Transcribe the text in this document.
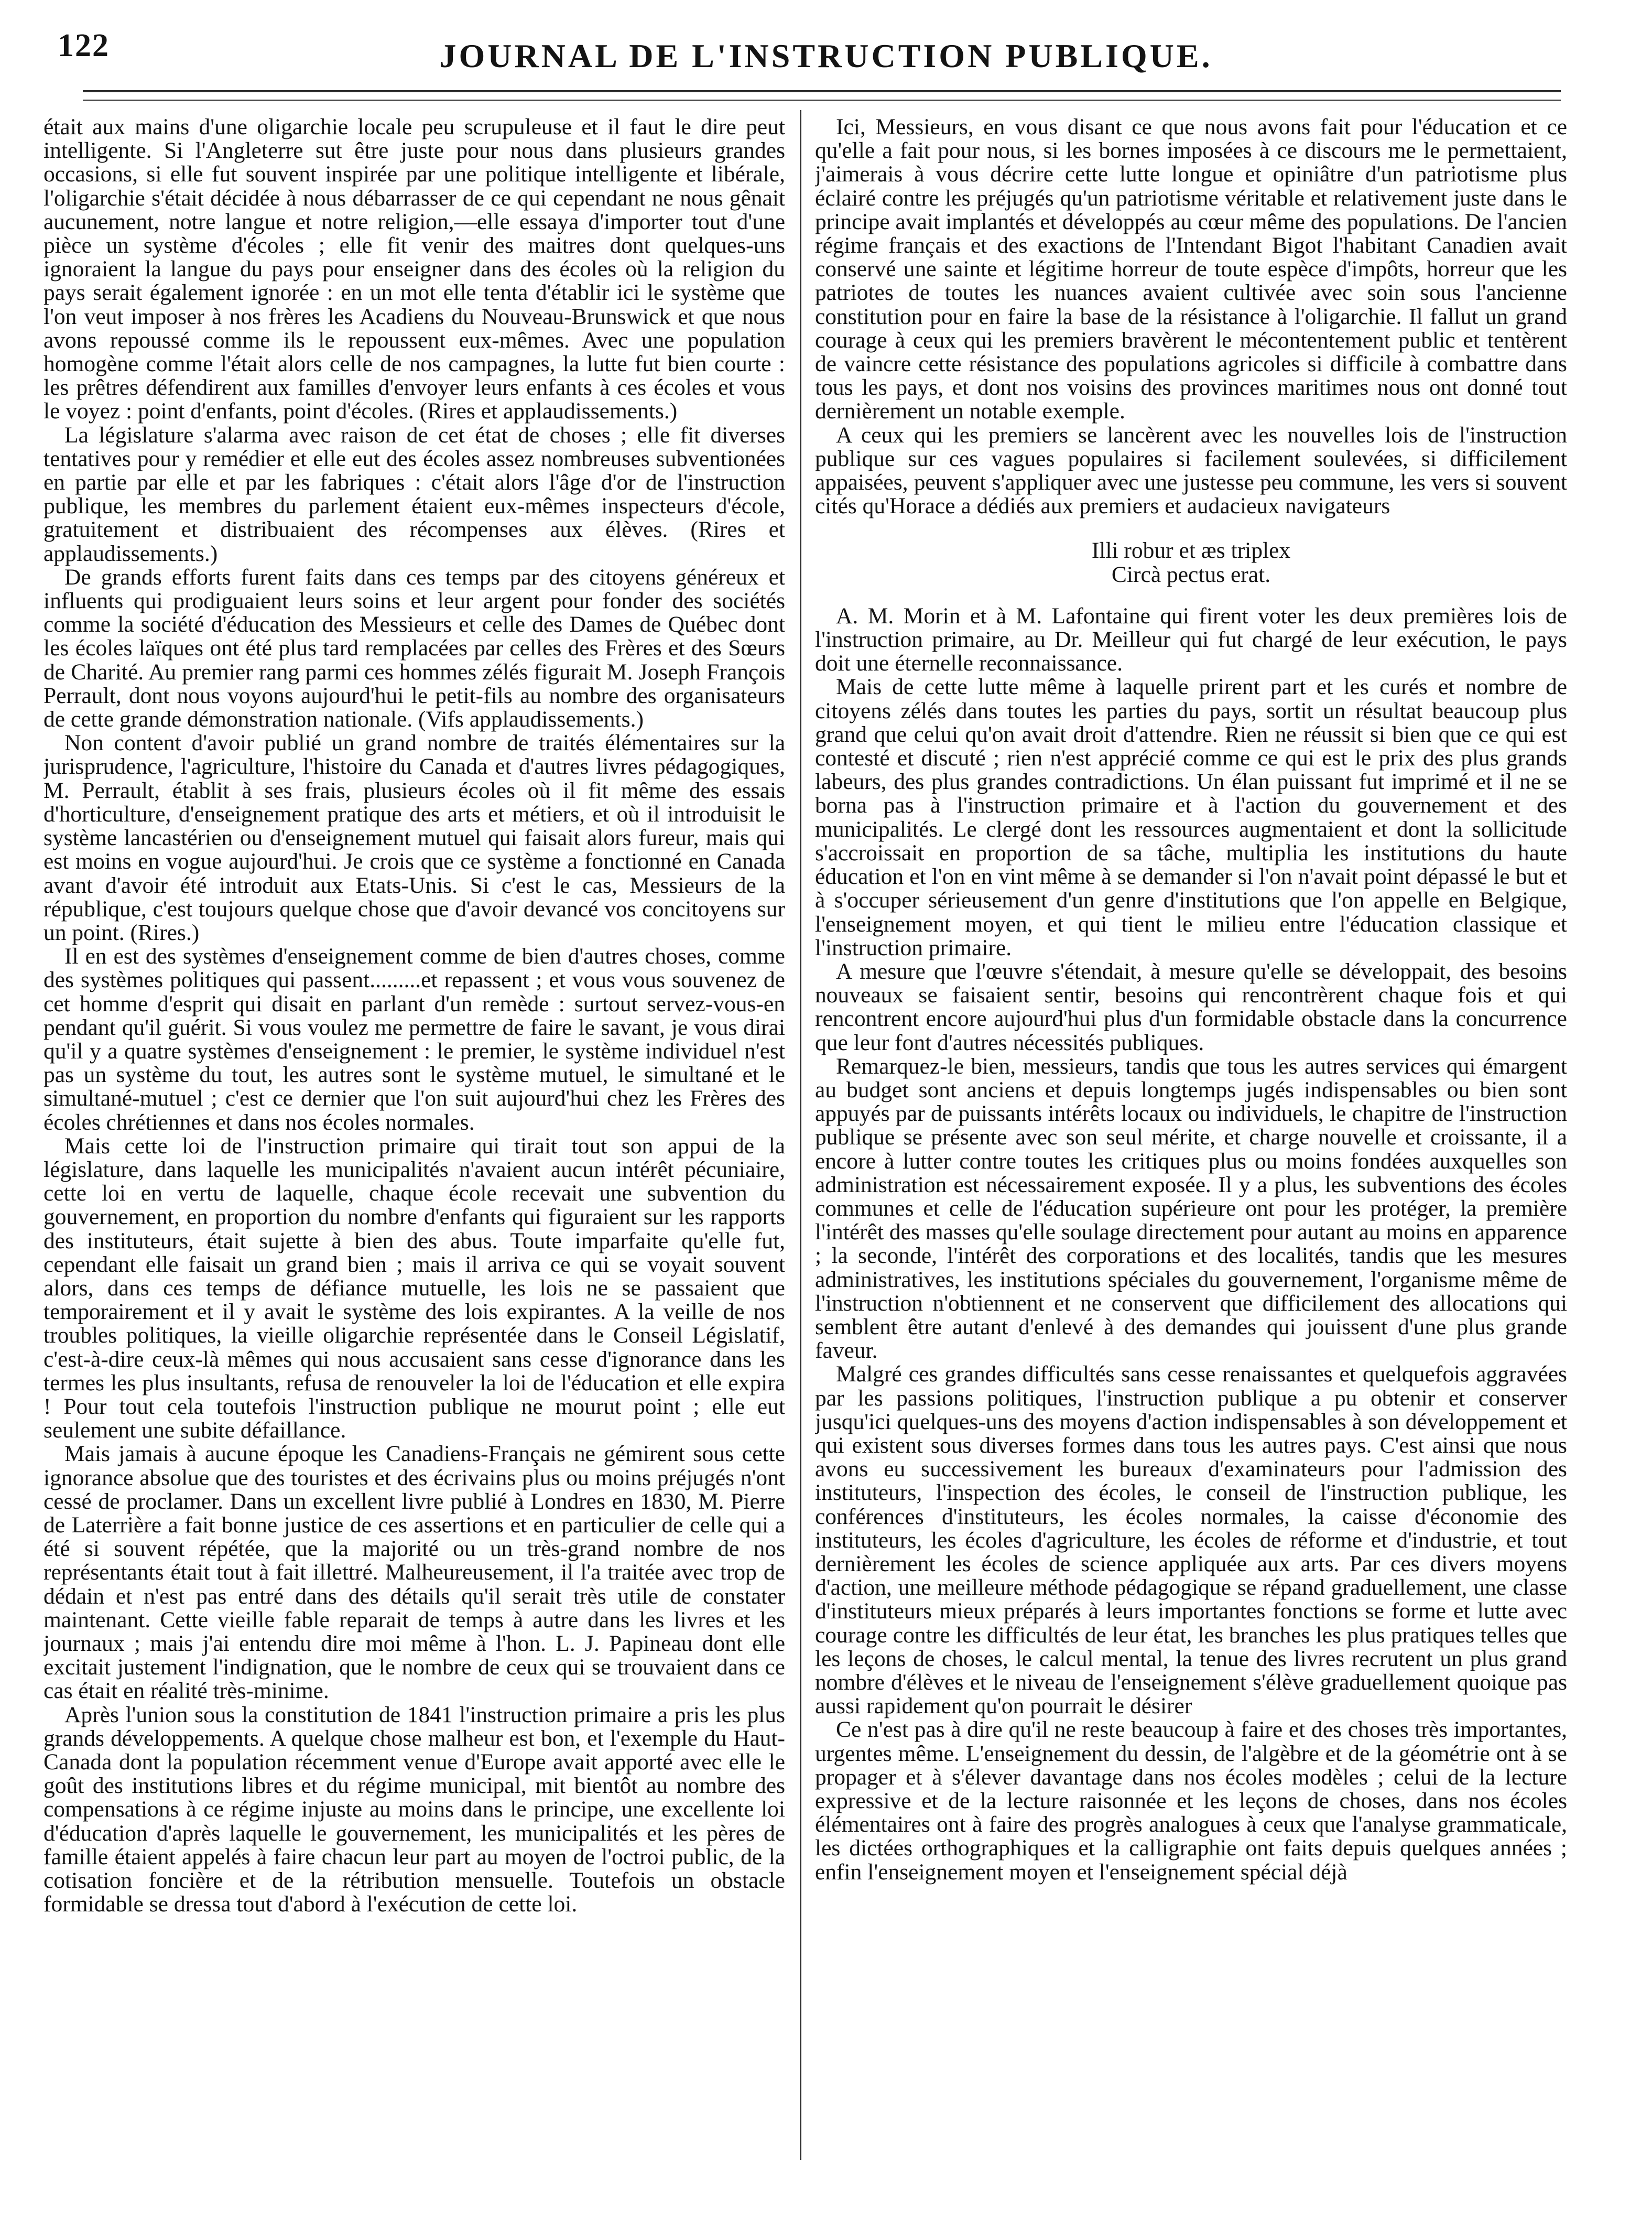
122	JOURNAL DE L'INSTRUCTION PUBLIQUE.

était aux mains d'une oligarchie locale peu scrupuleuse et il faut le dire peut intelligente. Si l'Angleterre sut être juste pour nous dans plusieurs grandes occasions, si elle fut souvent inspirée par une politique intelligente et libérale, l'oligarchie s'était décidée à nous débarrasser de ce qui cependant ne nous gênait aucunement, notre langue et notre religion,—elle essaya d'importer tout d'une pièce un système d'écoles ; elle fit venir des maitres dont quelques-uns ignoraient la langue du pays pour enseigner dans des écoles où la religion du pays serait également ignorée : en un mot elle tenta d'établir ici le système que l'on veut imposer à nos frères les Acadiens du Nouveau-Brunswick et que nous avons repoussé comme ils le repoussent eux-mêmes. Avec une population homogène comme l'était alors celle de nos campagnes, la lutte fut bien courte : les prêtres défendirent aux familles d'envoyer leurs enfants à ces écoles et vous le voyez : point d'enfants, point d'écoles. (Rires et applaudissements.)

La législature s'alarma avec raison de cet état de choses ; elle fit diverses tentatives pour y remédier et elle eut des écoles assez nombreuses subventionées en partie par elle et par les fabriques : c'était alors l'âge d'or de l'instruction publique, les membres du parlement étaient eux-mêmes inspecteurs d'école, gratuitement et distribuaient des récompenses aux élèves. (Rires et applaudissements.)

De grands efforts furent faits dans ces temps par des citoyens généreux et influents qui prodiguaient leurs soins et leur argent pour fonder des sociétés comme la société d'éducation des Messieurs et celle des Dames de Québec dont les écoles laïques ont été plus tard remplacées par celles des Frères et des Sœurs de Charité. Au premier rang parmi ces hommes zélés figurait M. Joseph François Perrault, dont nous voyons aujourd'hui le petit-fils au nombre des organisateurs de cette grande démonstration nationale. (Vifs applaudissements.)

Non content d'avoir publié un grand nombre de traités élémentaires sur la jurisprudence, l'agriculture, l'histoire du Canada et d'autres livres pédagogiques, M. Perrault, établit à ses frais, plusieurs écoles où il fit même des essais d'horticulture, d'enseignement pratique des arts et métiers, et où il introduisit le système lancastérien ou d'enseignement mutuel qui faisait alors fureur, mais qui est moins en vogue aujourd'hui. Je crois que ce système a fonctionné en Canada avant d'avoir été introduit aux Etats-Unis. Si c'est le cas, Messieurs de la république, c'est toujours quelque chose que d'avoir devancé vos concitoyens sur un point. (Rires.)

Il en est des systèmes d'enseignement comme de bien d'autres choses, comme des systèmes politiques qui passent.........et repassent ; et vous vous souvenez de cet homme d'esprit qui disait en parlant d'un remède : surtout servez-vous-en pendant qu'il guérit. Si vous voulez me permettre de faire le savant, je vous dirai qu'il y a quatre systèmes d'enseignement : le premier, le système individuel n'est pas un système du tout, les autres sont le système mutuel, le simultané et le simultané-mutuel ; c'est ce dernier que l'on suit aujourd'hui chez les Frères des écoles chrétiennes et dans nos écoles normales.

Mais cette loi de l'instruction primaire qui tirait tout son appui de la législature, dans laquelle les municipalités n'avaient aucun intérêt pécuniaire, cette loi en vertu de laquelle, chaque école recevait une subvention du gouvernement, en proportion du nombre d'enfants qui figuraient sur les rapports des instituteurs, était sujette à bien des abus. Toute imparfaite qu'elle fut, cependant elle faisait un grand bien ; mais il arriva ce qui se voyait souvent alors, dans ces temps de défiance mutuelle, les lois ne se passaient que temporairement et il y avait le système des lois expirantes. A la veille de nos troubles politiques, la vieille oligarchie représentée dans le Conseil Législatif, c'est-à-dire ceux-là mêmes qui nous accusaient sans cesse d'ignorance dans les termes les plus insultants, refusa de renouveler la loi de l'éducation et elle expira ! Pour tout cela toutefois l'instruction publique ne mourut point ; elle eut seulement une subite défaillance.

Mais jamais à aucune époque les Canadiens-Français ne gémirent sous cette ignorance absolue que des touristes et des écrivains plus ou moins préjugés n'ont cessé de proclamer. Dans un excellent livre publié à Londres en 1830, M. Pierre de Laterrière a fait bonne justice de ces assertions et en particulier de celle qui a été si souvent répétée, que la majorité ou un très-grand nombre de nos représentants était tout à fait illettré. Malheureusement, il l'a traitée avec trop de dédain et n'est pas entré dans des détails qu'il serait très utile de constater maintenant. Cette vieille fable reparait de temps à autre dans les livres et les journaux ; mais j'ai entendu dire moi même à l'hon. L. J. Papineau dont elle excitait justement l'indignation, que le nombre de ceux qui se trouvaient dans ce cas était en réalité très-minime.

Après l'union sous la constitution de 1841 l'instruction primaire a pris les plus grands développements. A quelque chose malheur est bon, et l'exemple du Haut-Canada dont la population récemment venue d'Europe avait apporté avec elle le goût des institutions libres et du régime municipal, mit bientôt au nombre des compensations à ce régime injuste au moins dans le principe, une excellente loi d'éducation d'après laquelle le gouvernement, les municipalités et les pères de famille étaient appelés à faire chacun leur part au moyen de l'octroi public, de la cotisation foncière et de la rétribution mensuelle. Toutefois un obstacle formidable se dressa tout d'abord à l'exécution de cette loi.

Ici, Messieurs, en vous disant ce que nous avons fait pour l'éducation et ce qu'elle a fait pour nous, si les bornes imposées à ce discours me le permettaient, j'aimerais à vous décrire cette lutte longue et opiniâtre d'un patriotisme plus éclairé contre les préjugés qu'un patriotisme véritable et relativement juste dans le principe avait implantés et développés au cœur même des populations. De l'ancien régime français et des exactions de l'Intendant Bigot l'habitant Canadien avait conservé une sainte et légitime horreur de toute espèce d'impôts, horreur que les patriotes de toutes les nuances avaient cultivée avec soin sous l'ancienne constitution pour en faire la base de la résistance à l'oligarchie. Il fallut un grand courage à ceux qui les premiers bravèrent le mécontentement public et tentèrent de vaincre cette résistance des populations agricoles si difficile à combattre dans tous les pays, et dont nos voisins des provinces maritimes nous ont donné tout dernièrement un notable exemple.

A ceux qui les premiers se lancèrent avec les nouvelles lois de l'instruction publique sur ces vagues populaires si facilement soulevées, si difficilement appaisées, peuvent s'appliquer avec une justesse peu commune, les vers si souvent cités qu'Horace a dédiés aux premiers et audacieux navigateurs

Illi robur et æs triplex
Circà pectus erat.

A. M. Morin et à M. Lafontaine qui firent voter les deux premières lois de l'instruction primaire, au Dr. Meilleur qui fut chargé de leur exécution, le pays doit une éternelle reconnaissance.

Mais de cette lutte même à laquelle prirent part et les curés et nombre de citoyens zélés dans toutes les parties du pays, sortit un résultat beaucoup plus grand que celui qu'on avait droit d'attendre. Rien ne réussit si bien que ce qui est contesté et discuté ; rien n'est apprécié comme ce qui est le prix des plus grands labeurs, des plus grandes contradictions. Un élan puissant fut imprimé et il ne se borna pas à l'instruction primaire et à l'action du gouvernement et des municipalités. Le clergé dont les ressources augmentaient et dont la sollicitude s'accroissait en proportion de sa tâche, multiplia les institutions du haute éducation et l'on en vint même à se demander si l'on n'avait point dépassé le but et à s'occuper sérieusement d'un genre d'institutions que l'on appelle en Belgique, l'enseignement moyen, et qui tient le milieu entre l'éducation classique et l'instruction primaire.

A mesure que l'œuvre s'étendait, à mesure qu'elle se développait, des besoins nouveaux se faisaient sentir, besoins qui rencontrèrent chaque fois et qui rencontrent encore aujourd'hui plus d'un formidable obstacle dans la concurrence que leur font d'autres nécessités publiques.

Remarquez-le bien, messieurs, tandis que tous les autres services qui émargent au budget sont anciens et depuis longtemps jugés indispensables ou bien sont appuyés par de puissants intérêts locaux ou individuels, le chapitre de l'instruction publique se présente avec son seul mérite, et charge nouvelle et croissante, il a encore à lutter contre toutes les critiques plus ou moins fondées auxquelles son administration est nécessairement exposée. Il y a plus, les subventions des écoles communes et celle de l'éducation supérieure ont pour les protéger, la première l'intérêt des masses qu'elle soulage directement pour autant au moins en apparence ; la seconde, l'intérêt des corporations et des localités, tandis que les mesures administratives, les institutions spéciales du gouvernement, l'organisme même de l'instruction n'obtiennent et ne conservent que difficilement des allocations qui semblent être autant d'enlevé à des demandes qui jouissent d'une plus grande faveur.

Malgré ces grandes difficultés sans cesse renaissantes et quelquefois aggravées par les passions politiques, l'instruction publique a pu obtenir et conserver jusqu'ici quelques-uns des moyens d'action indispensables à son développement et qui existent sous diverses formes dans tous les autres pays. C'est ainsi que nous avons eu successivement les bureaux d'examinateurs pour l'admission des instituteurs, l'inspection des écoles, le conseil de l'instruction publique, les conférences d'instituteurs, les écoles normales, la caisse d'économie des instituteurs, les écoles d'agriculture, les écoles de réforme et d'industrie, et tout dernièrement les écoles de science appliquée aux arts. Par ces divers moyens d'action, une meilleure méthode pédagogique se répand graduellement, une classe d'instituteurs mieux préparés à leurs importantes fonctions se forme et lutte avec courage contre les difficultés de leur état, les branches les plus pratiques telles que les leçons de choses, le calcul mental, la tenue des livres recrutent un plus grand nombre d'élèves et le niveau de l'enseignement s'élève graduellement quoique pas aussi rapidement qu'on pourrait le désirer

Ce n'est pas à dire qu'il ne reste beaucoup à faire et des choses très importantes, urgentes même. L'enseignement du dessin, de l'algèbre et de la géométrie ont à se propager et à s'élever davantage dans nos écoles modèles ; celui de la lecture expressive et de la lecture raisonnée et les leçons de choses, dans nos écoles élémentaires ont à faire des progrès analogues à ceux que l'analyse grammaticale, les dictées orthographiques et la calligraphie ont faits depuis quelques années ; enfin l'enseignement moyen et l'enseignement spécial déjà
